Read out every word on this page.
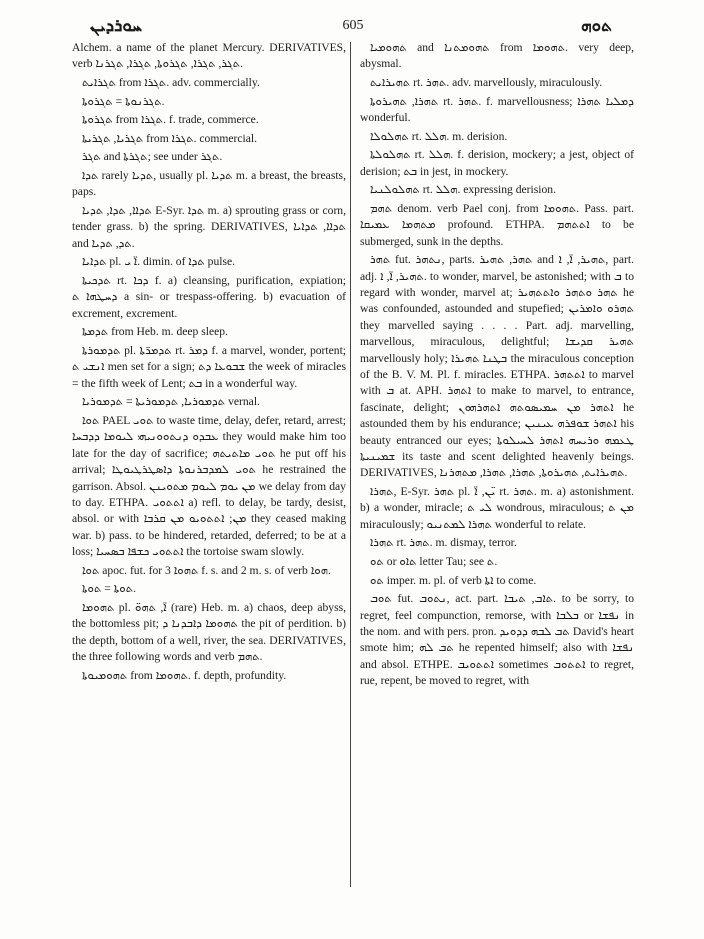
ܚܘܪܕܝܢ	605	ܬܘܗ

Alchem. a name of the planet Mercury. DERIVATIVES, verb ܬܓܪ, ܬܓܪܐ, ܬܓܪܘܬܐ, ܬܓܪܐ, ܬܓܪܢܐ.

ܬܓܪܐܝܬ from ܬܓܪܐ. adv. commercially.

ܬܓܪܢܘܬܐ = ܬܓܪܘܬܐ.

ܬܓܪܘܬܐ from ܬܓܪܐ. f. trade, commerce.

ܬܓܪܝܐ, ܬܓܪܝܬܐ from ܬܓܪܐ. commercial.

ܬܓܪ and ܬܓܪܬܐ; see under ܬܓܪ.

ܬܕܐ rarely ܬܕܝܐ, usually pl. ܬܕܝܐ m. a breast, the breasts, paps.

ܬܕܐܐ, ܬܕܐ, ܬܕܝܐ E-Syr. ܬܕܐ m. a) sprouting grass or corn, tender grass. b) the spring. DERIVATIVES, ܬܕܐܐ, ܬܕܐܝܐ and ܬܕ, ܬܕܝܐ.

ܬܕܐܝܐ pl. ܐ̈ ܝ. dimin. of ܬܕܐ pulse.

ܬܕܟܝܬܐ rt. ܕܟܐ f. a) cleansing, purification, expiation; ܕܚܛܗܐ ܬ a sin- or trespass-offering. b) evacuation of excrement, excrement.

ܬܕܡܬܐ from Heb. m. deep sleep.

ܬܕܡܘܪܬܐ pl. ܬܕܡܪ̈ܬܐ rt. ܕܡܪ f. a marvel, wonder, portent; ܐܢܫܝ ܬ men set for a sign; ܫܒܘܥܐ ܕܬ the week of miracles = the fifth week of Lent; ܒܬ in a wonderful way.

ܬܕܡܘܪܝܐ, ܬܕܡܘܪܝܬܐ = ܬܕܡܘܪܝܐ vernal.

ܬܘܐ PAEL ܬܘܝ to waste time, delay, defer, retard, arrest; ܥܒܕܘ ܕܢܬܘܘܢܝܗܝ ܠܝܘܡܐ ܕܕܒܚܐ they would make him too late for the day of sacrifice; ܬܘܝ ܡܐܬܝܬܗ he put off his arrival; ܬܘܝ ܠܡܕܒܪܢܘܬܐ ܕܐܣܛܪܛܝܘܛܐ he restrained the garrison. Absol. ܡܢ ܝܘܡ ܠܝܘܡ ܡܬܘܝܢܢ we delay from day to day. ETHPA. ܐܬܬܘܝ a) refl. to delay, be tardy, desist, absol. or with ܡܢ; ܐܬܬܘܝܘ ܡܢ ܩܪܒܐ they ceased making war. b) pass. to be hindered, retarded, deferred; to be at a loss; ܐܬܬܘܝ ܟܫܦܐ ܒܣܚܝܐ the tortoise swam slowly.

ܬܘܐ apoc. fut. for ܬܗܘܐ 3 f. s. and 2 m. s. of verb ܗܘܐ.

ܬܘܬܐ = ܬܘܬܐ.

ܬܗܘܡܐ pl. ܐ̈, ܬܗܘ̈ (rare) Heb. m. a) chaos, deep abyss, the bottomless pit; ܬܗܘܡܐ ܕܐܒܕܢܐ ܕ the pit of perdition. b) the depth, bottom of a well, river, the sea. DERIVATIVES, the three following words and verb ܬܗܡ.

ܬܗܘܡܝܘܬܐ from ܬܗܘܡܐ. f. depth, profundity.

ܬܗܘܡܝܐ and ܬܗܘܡܬܢܐ from ܬܗܘܡܐ. very deep, abysmal.

ܬܗܝܪܐܝܬ rt. ܬܗܪ. adv. marvellously, miraculously.

ܬܗܪܐ, ܬܗܝܪܘܬܐ rt. ܬܗܪ. f. marvellousness; ܕܡܠܝܐ ܬܗܪܐ wonderful.

ܬܗܠܘܠܐ rt. ܗܠܠ. m. derision.

ܬܗܠܘܠܬܐ rt. ܗܠܠ. f. derision, mockery; a jest, object of derision; ܒܬ in jest, in mockery.

ܬܗܠܘܠܢܝܐ rt. ܗܠܠ. expressing derision.

ܬܗܡ denom. verb Pael conj. from ܬܗܘܡܐ. Pass. part. ܡܬܗܡܐ ܥܡܝܩܐ profound. ETHPA. ܐܬܬܗܡ to be submerged, sunk in the depths.

ܬܗܪ fut. ܢܬܗܪ, parts. ܬܗܪ, ܬܗܝܪ and ܬܗܝܪ, ܐ̈, ܐ, part. adj. ܬܗܝܪ, ܐ̈, ܐ. to wonder, marvel, be astonished; with ܒ to regard with wonder, marvel at; ܬܗܪ ܘܬܗܪ ܘܐܬܬܗܝܪ he was confounded, astounded and stupefied; ܬܗܪܘ ܘܐܡܪܝܢ they marvelled saying . . . . Part. adj. marvelling, marvellous, miraculous, delightful; ܬܗܝܪ ܩܕܝܫܐ marvellously holy; ܒܛܢܐ ܬܗܝܪܐ the miraculous conception of the B. V. M. Pl. f. miracles. ETHPA. ܐܬܬܗܪ to marvel with ܒ at. APH. ܐܬܗܪ to make to marvel, to entrance, fascinate, delight; ܐܬܗܪ ܡܢ ܚܡܝܣܘܬܗ ܐܬܗܪܗܘܢ he astounded them by his endurance; ܐܬܗܪ ܫܘܦܪܗ ܥܝܢܝܢ his beauty entranced our eyes; ܛܥܡܗ ܘܪܝܚܗ ܐܬܗܪ ܠܚܝܠܘܬܐ ܫܡܝܢܝܬܐ its taste and scent delighted heavenly beings. DERIVATIVES, ܬܗܝܪܐܝܬ, ܬܗܝܪܘܬܐ, ܬܗܪܐ, ܬܗܪܐ, ܡܬܗܪܢܐ.

ܬܗܪܐ, E-Syr. ܬܗܪ pl. ܝ̈ܢ, ܐ̈ rt. ܬܗܪ. m. a) astonishment. b) a wonder, miracle; ܠܝ ܬ wondrous, miraculous; ܡܢ ܬ miraculously; ܬܗܪܐ ܠܡܬܢܝܘ wonderful to relate.

ܬܗܪܐ rt. ܬܗܪ. m. dismay, terror.

ܬܘ or ܬܐܘ letter Tau; see ܬ.

ܬܘ imper. m. pl. of verb ܐܬܐ to come.

ܬܘܒ fut. ܢܬܘܒ, act. part. ܬܐܒ, ܬܝܒܐ. to be sorry, to regret, feel compunction, remorse, with ܒܠܒܐ or ܢܦܫܐ in the nom. and with pers. pron. ܬܒ ܠܒܗ ܕܕܘܝܕ David's heart smote him; ܬܒ ܠܗ he repented himself; also with ܢܦܫܐ and absol. ETHPE. ܐܬܬܘܝܒ sometimes ܐܬܬܘܒ to regret, rue, repent, be moved to regret, with
